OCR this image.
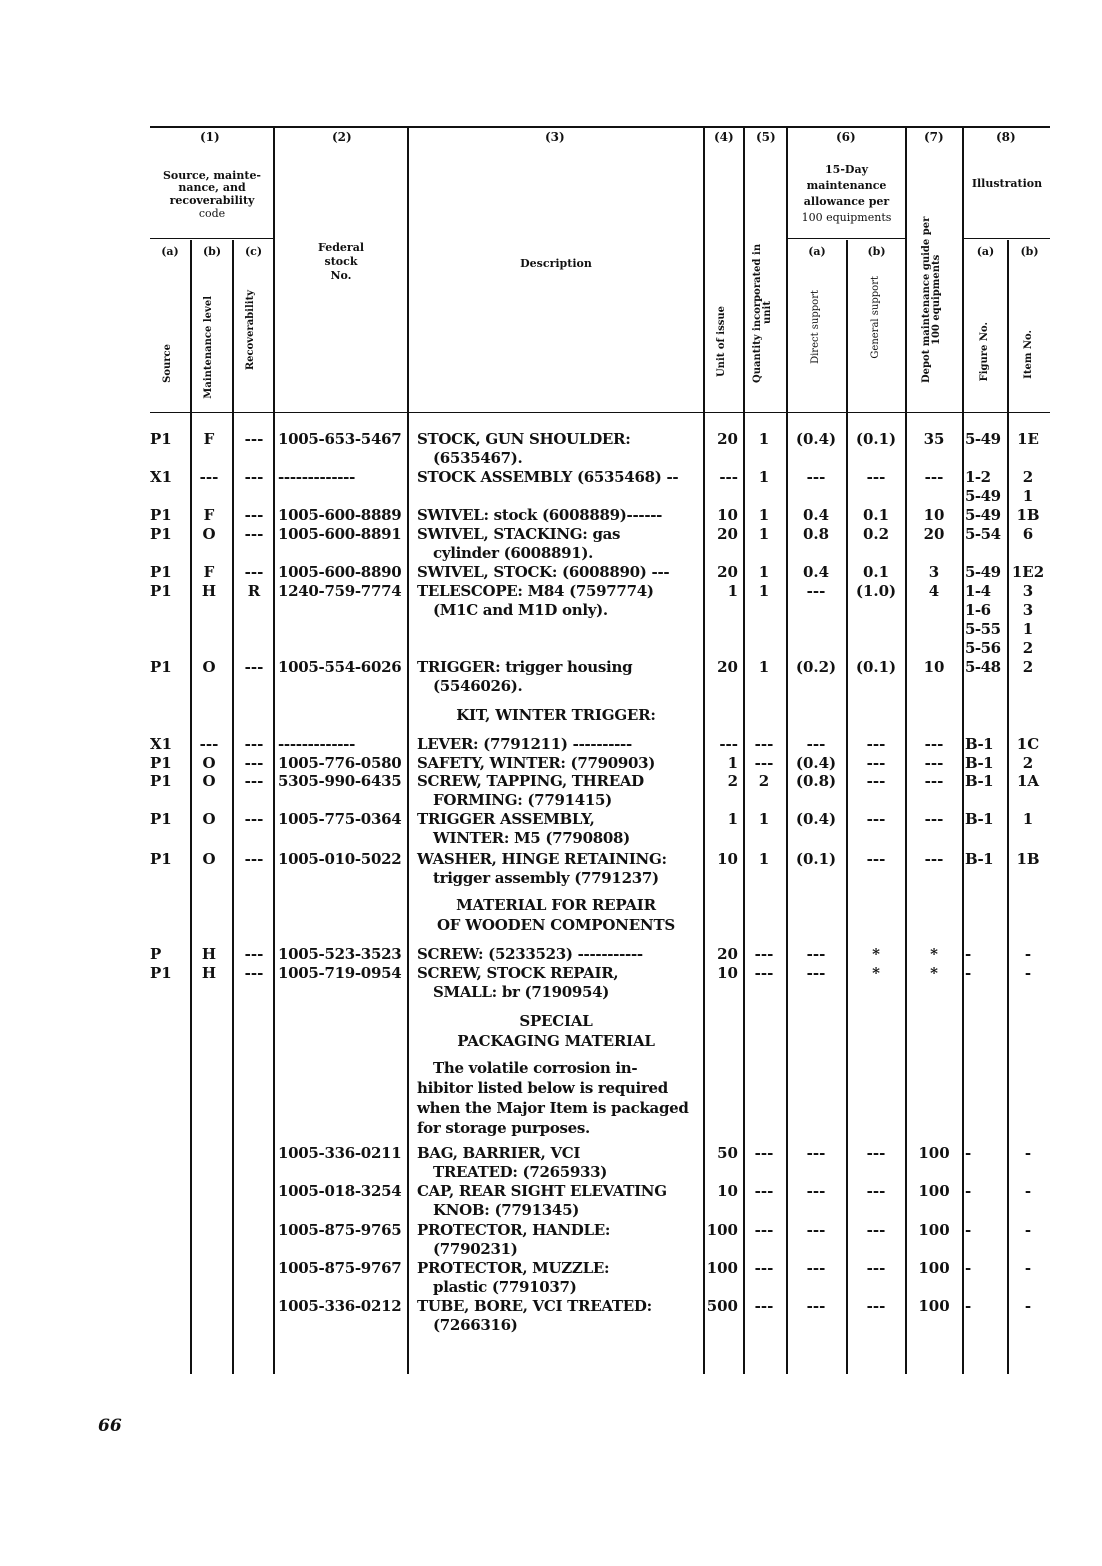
(1)	(2)	(3)	(4) (5)	(6)	(7)	(8)
Source, mainte-
nance, and
recoverability
code
(a)	(b)	(c)
Source	Maintenance level	Recoverability
Federal
stock
No.
Description
Unit of issue	Quantity incorporated in unit
15-Day
maintenance
allowance per
100 equipments
(a)	(b)
Direct support	General support	Depot maintenance guide per 100 equipments
Illustration
(a)	(b)
Figure No.	Item No.
P1	F	--- 1005-653-5467	STOCK, GUN SHOULDER:	20	1	(0.4)	(0.1)	35	5-49	1E
(6535467).
X1	---	--- -------------	STOCK ASSEMBLY (6535468) --	---	1	---	---	---	1-2	2
5-49	1
P1	F	--- 1005-600-8889	SWIVEL: stock (6008889)------	10	1	0.4	0.1	10	5-49	1B
P1	O	--- 1005-600-8891	SWIVEL, STACKING: gas	20	1	0.8	0.2	20	5-54	6
cylinder (6008891).
P1	F	--- 1005-600-8890	SWIVEL, STOCK: (6008890) ---	20	1	0.4	0.1	3	5-49 1E2
P1	H	R	1240-759-7774	TELESCOPE: M84 (7597774)	1	1	---	(1.0)	4	1-4	3
(M1C and M1D only).	1-6	3
5-55	1
5-56	2
P1	O	--- 1005-554-6026	TRIGGER: trigger housing	20	1	(0.2)	(0.1)	10	5-48	2
(5546026).
X1	---	--- -------------	LEVER: (7791211) ----------	---	---	---	---	---	B-1	1C
P1	O	--- 1005-776-0580	SAFETY, WINTER: (7790903)	1	---	(0.4)	---	---	B-1	2
P1	O	--- 5305-990-6435	SCREW, TAPPING, THREAD	2	2	(0.8)	---	---	B-1	1A
FORMING: (7791415)
P1	O	--- 1005-775-0364	TRIGGER ASSEMBLY,	1	1	(0.4)	---	---	B-1	1
WINTER: M5 (7790808)
P1	O	--- 1005-010-5022	WASHER, HINGE RETAINING:	10	1	(0.1)	---	---	B-1	1B
trigger assembly (7791237)
P	H	--- 1005-523-3523	SCREW: (5233523) -----------	20	---	---	*	*	-	-
P1	H	--- 1005-719-0954	SCREW, STOCK REPAIR,	10	---	---	*	*	-	-
SMALL: br (7190954)
1005-336-0211	BAG, BARRIER, VCI	50	---	---	---	100	-	-
TREATED: (7265933)
1005-018-3254	CAP, REAR SIGHT ELEVATING	10	---	---	---	100	-	-
KNOB: (7791345)
1005-875-9765	PROTECTOR, HANDLE:	100	---	---	---	100	-	-
(7790231)
1005-875-9767	PROTECTOR, MUZZLE:	100	---	---	---	100	-	-
plastic (7791037)
1005-336-0212	TUBE, BORE, VCI TREATED:	500	---	---	---	100	-	-
(7266316)
KIT, WINTER TRIGGER:
MATERIAL FOR REPAIR
OF WOODEN COMPONENTS
SPECIAL
PACKAGING MATERIAL
The volatile corrosion in-
hibitor listed below is required
when the Major Item is packaged
for storage purposes.
66
